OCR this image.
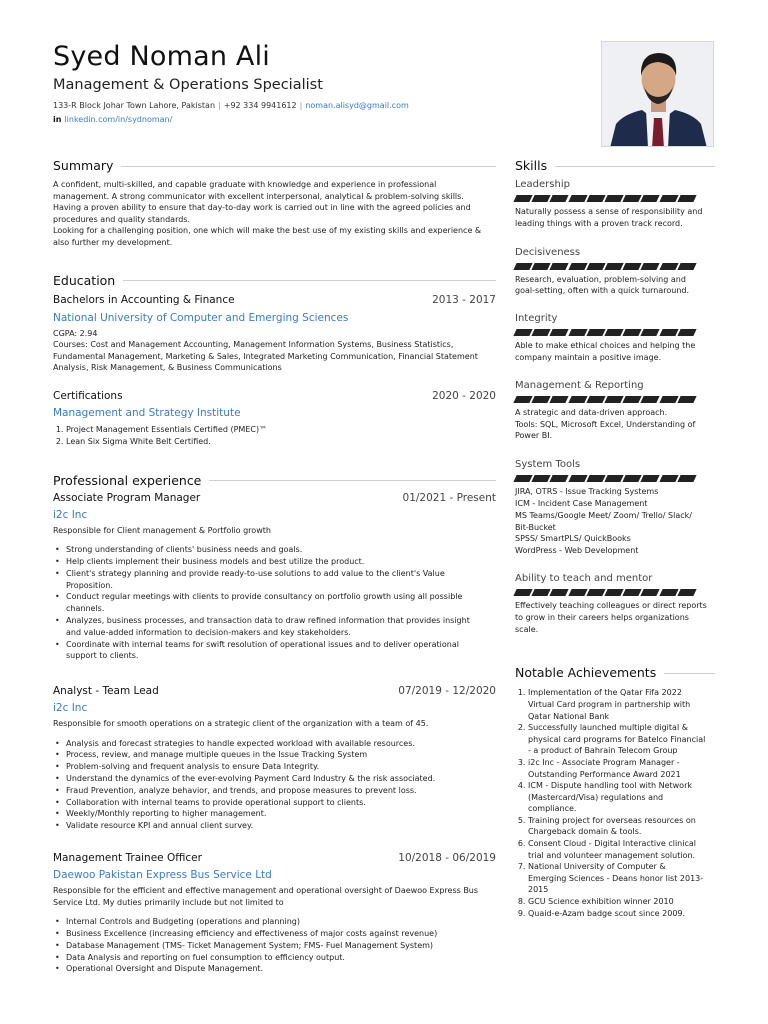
Syed Noman Ali
Management & Operations Specialist
133-R Block Johar Town Lahore, Pakistan | +92 334 9941612 | noman.alisyd@gmail.com
in linkedin.com/in/sydnoman/
Summary
A confident, multi-skilled, and capable graduate with knowledge and experience in professional
management. A strong communicator with excellent interpersonal, analytical & problem-solving skills.
Having a proven ability to ensure that day-to-day work is carried out in line with the agreed policies and
procedures and quality standards.
Looking for a challenging position, one which will make the best use of my existing skills and experience &
also further my development.
Education
Bachelors in Accounting & Finance	2013 - 2017
National University of Computer and Emerging Sciences
CGPA: 2.94
Courses: Cost and Management Accounting, Management Information Systems, Business Statistics,
Fundamental Management, Marketing & Sales, Integrated Marketing Communication, Financial Statement
Analysis, Risk Management, & Business Communications
Certifications	2020 - 2020
Management and Strategy Institute
1. Project Management Essentials Certified (PMEC)™
2. Lean Six Sigma White Belt Certified.
Professional experience
Associate Program Manager	01/2021 - Present
i2c Inc
Responsible for Client management & Portfolio growth
• Strong understanding of clients' business needs and goals.
• Help clients implement their business models and best utilize the product.
• Client's strategy planning and provide ready-to-use solutions to add value to the client's Value
Proposition.
• Conduct regular meetings with clients to provide consultancy on portfolio growth using all possible
channels.
• Analyzes, business processes, and transaction data to draw refined information that provides insight
and value-added information to decision-makers and key stakeholders.
• Coordinate with internal teams for swift resolution of operational issues and to deliver operational
support to clients.
Analyst - Team Lead	07/2019 - 12/2020
i2c Inc
Responsible for smooth operations on a strategic client of the organization with a team of 45.
• Analysis and forecast strategies to handle expected workload with available resources.
• Process, review, and manage multiple queues in the Issue Tracking System
• Problem-solving and frequent analysis to ensure Data Integrity.
• Understand the dynamics of the ever-evolving Payment Card Industry & the risk associated.
• Fraud Prevention, analyze behavior, and trends, and propose measures to prevent loss.
• Collaboration with internal teams to provide operational support to clients.
• Weekly/Monthly reporting to higher management.
• Validate resource KPI and annual client survey.
Management Trainee Officer	10/2018 - 06/2019
Daewoo Pakistan Express Bus Service Ltd
Responsible for the efficient and effective management and operational oversight of Daewoo Express Bus
Service Ltd. My duties primarily include but not limited to
• Internal Controls and Budgeting (operations and planning)
• Business Excellence (increasing efficiency and effectiveness of major costs against revenue)
• Database Management (TMS- Ticket Management System; FMS- Fuel Management System)
• Data Analysis and reporting on fuel consumption to efficiency output.
• Operational Oversight and Dispute Management.
Skills
Leadership
Naturally possess a sense of responsibility and
leading things with a proven track record.
Decisiveness
Research, evaluation, problem-solving and
goal-setting, often with a quick turnaround.
Integrity
Able to make ethical choices and helping the
company maintain a positive image.
Management & Reporting
A strategic and data-driven approach.
Tools: SQL, Microsoft Excel, Understanding of
Power BI.
System Tools
JIRA, OTRS - Issue Tracking Systems
ICM - Incident Case Management
MS Teams/Google Meet/ Zoom/ Trello/ Slack/
Bit-Bucket
SPSS/ SmartPLS/ QuickBooks
WordPress - Web Development
Ability to teach and mentor
Effectively teaching colleagues or direct reports
to grow in their careers helps organizations
scale.
Notable Achievements
1. Implementation of the Qatar Fifa 2022
Virtual Card program in partnership with
Qatar National Bank
2. Successfully launched multiple digital &
physical card programs for Batelco Financial
- a product of Bahrain Telecom Group
3. i2c Inc - Associate Program Manager -
Outstanding Performance Award 2021
4. ICM - Dispute handling tool with Network
(Mastercard/Visa) regulations and
compliance.
5. Training project for overseas resources on
Chargeback domain & tools.
6. Consent Cloud - Digital Interactive clinical
trial and volunteer management solution.
7. National University of Computer &
Emerging Sciences - Deans honor list 2013-
2015
8. GCU Science exhibition winner 2010
9. Quaid-e-Azam badge scout since 2009.
